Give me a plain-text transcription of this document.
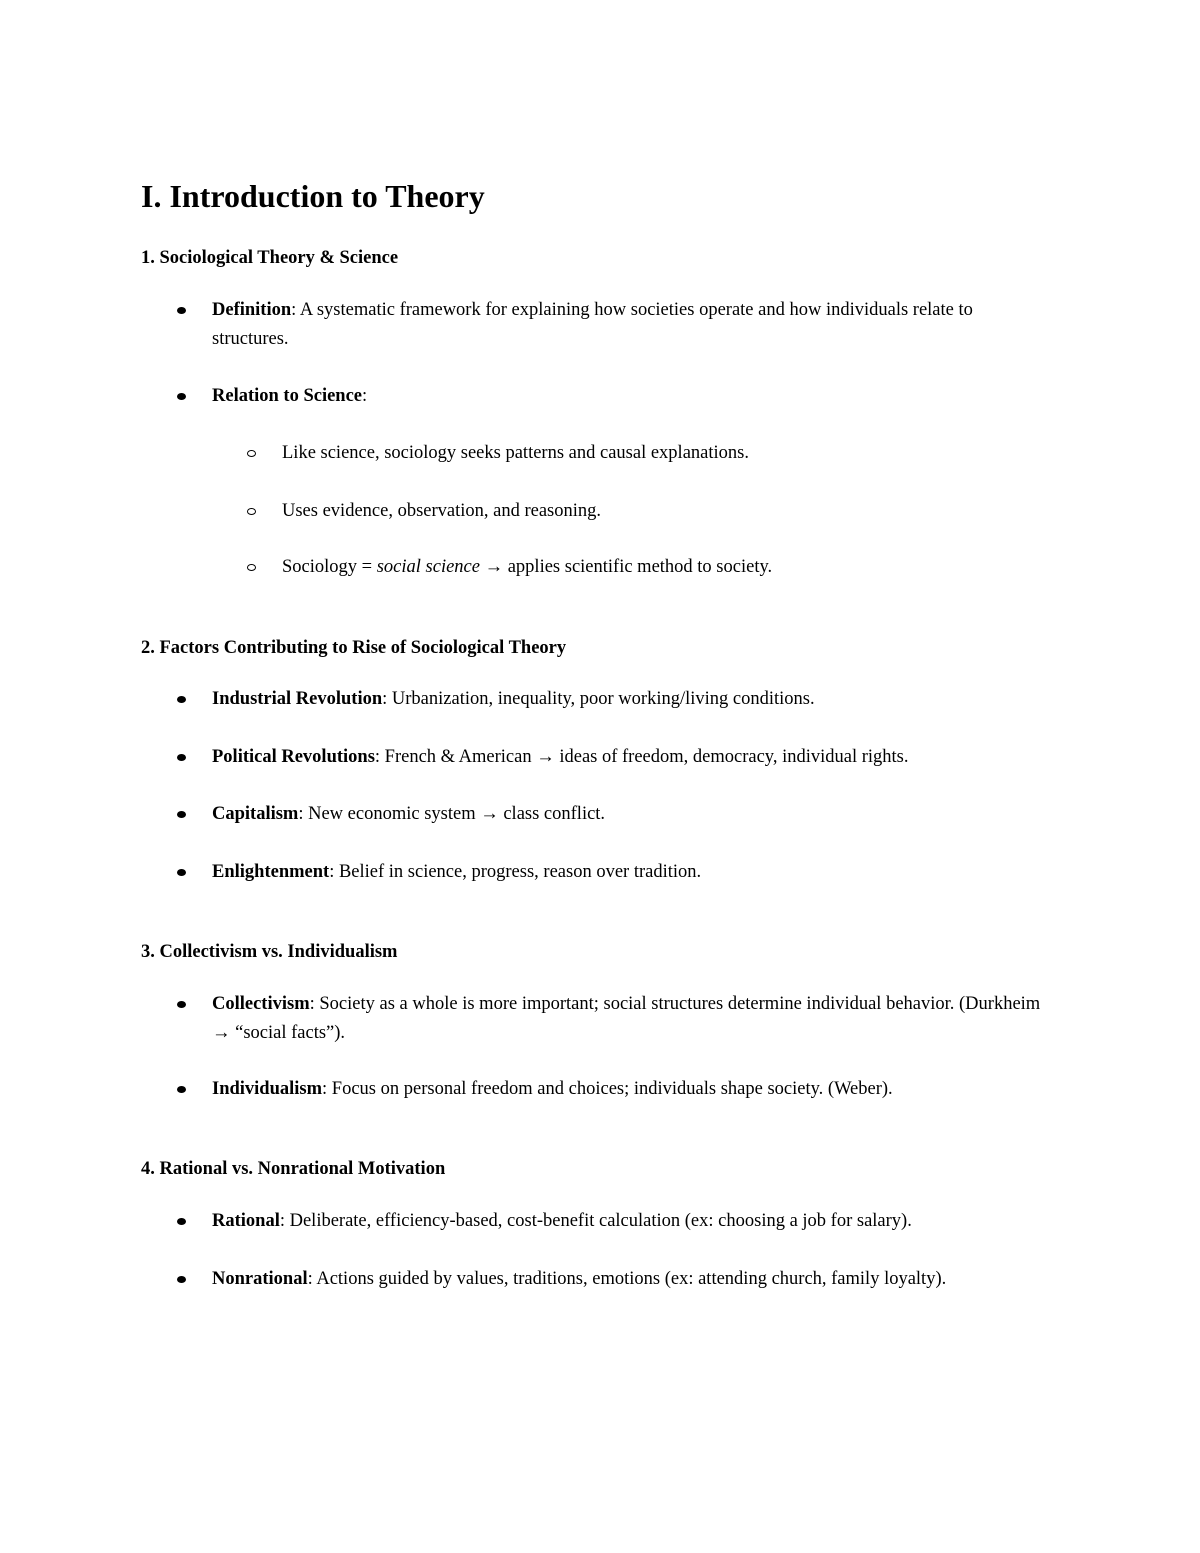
I. Introduction to Theory
1. Sociological Theory & Science
Definition: A systematic framework for explaining how societies operate and how individuals relate to structures.
Relation to Science:
Like science, sociology seeks patterns and causal explanations.
Uses evidence, observation, and reasoning.
Sociology = social science → applies scientific method to society.
2. Factors Contributing to Rise of Sociological Theory
Industrial Revolution: Urbanization, inequality, poor working/living conditions.
Political Revolutions: French & American → ideas of freedom, democracy, individual rights.
Capitalism: New economic system → class conflict.
Enlightenment: Belief in science, progress, reason over tradition.
3. Collectivism vs. Individualism
Collectivism: Society as a whole is more important; social structures determine individual behavior. (Durkheim → “social facts”).
Individualism: Focus on personal freedom and choices; individuals shape society. (Weber).
4. Rational vs. Nonrational Motivation
Rational: Deliberate, efficiency-based, cost-benefit calculation (ex: choosing a job for salary).
Nonrational: Actions guided by values, traditions, emotions (ex: attending church, family loyalty).
